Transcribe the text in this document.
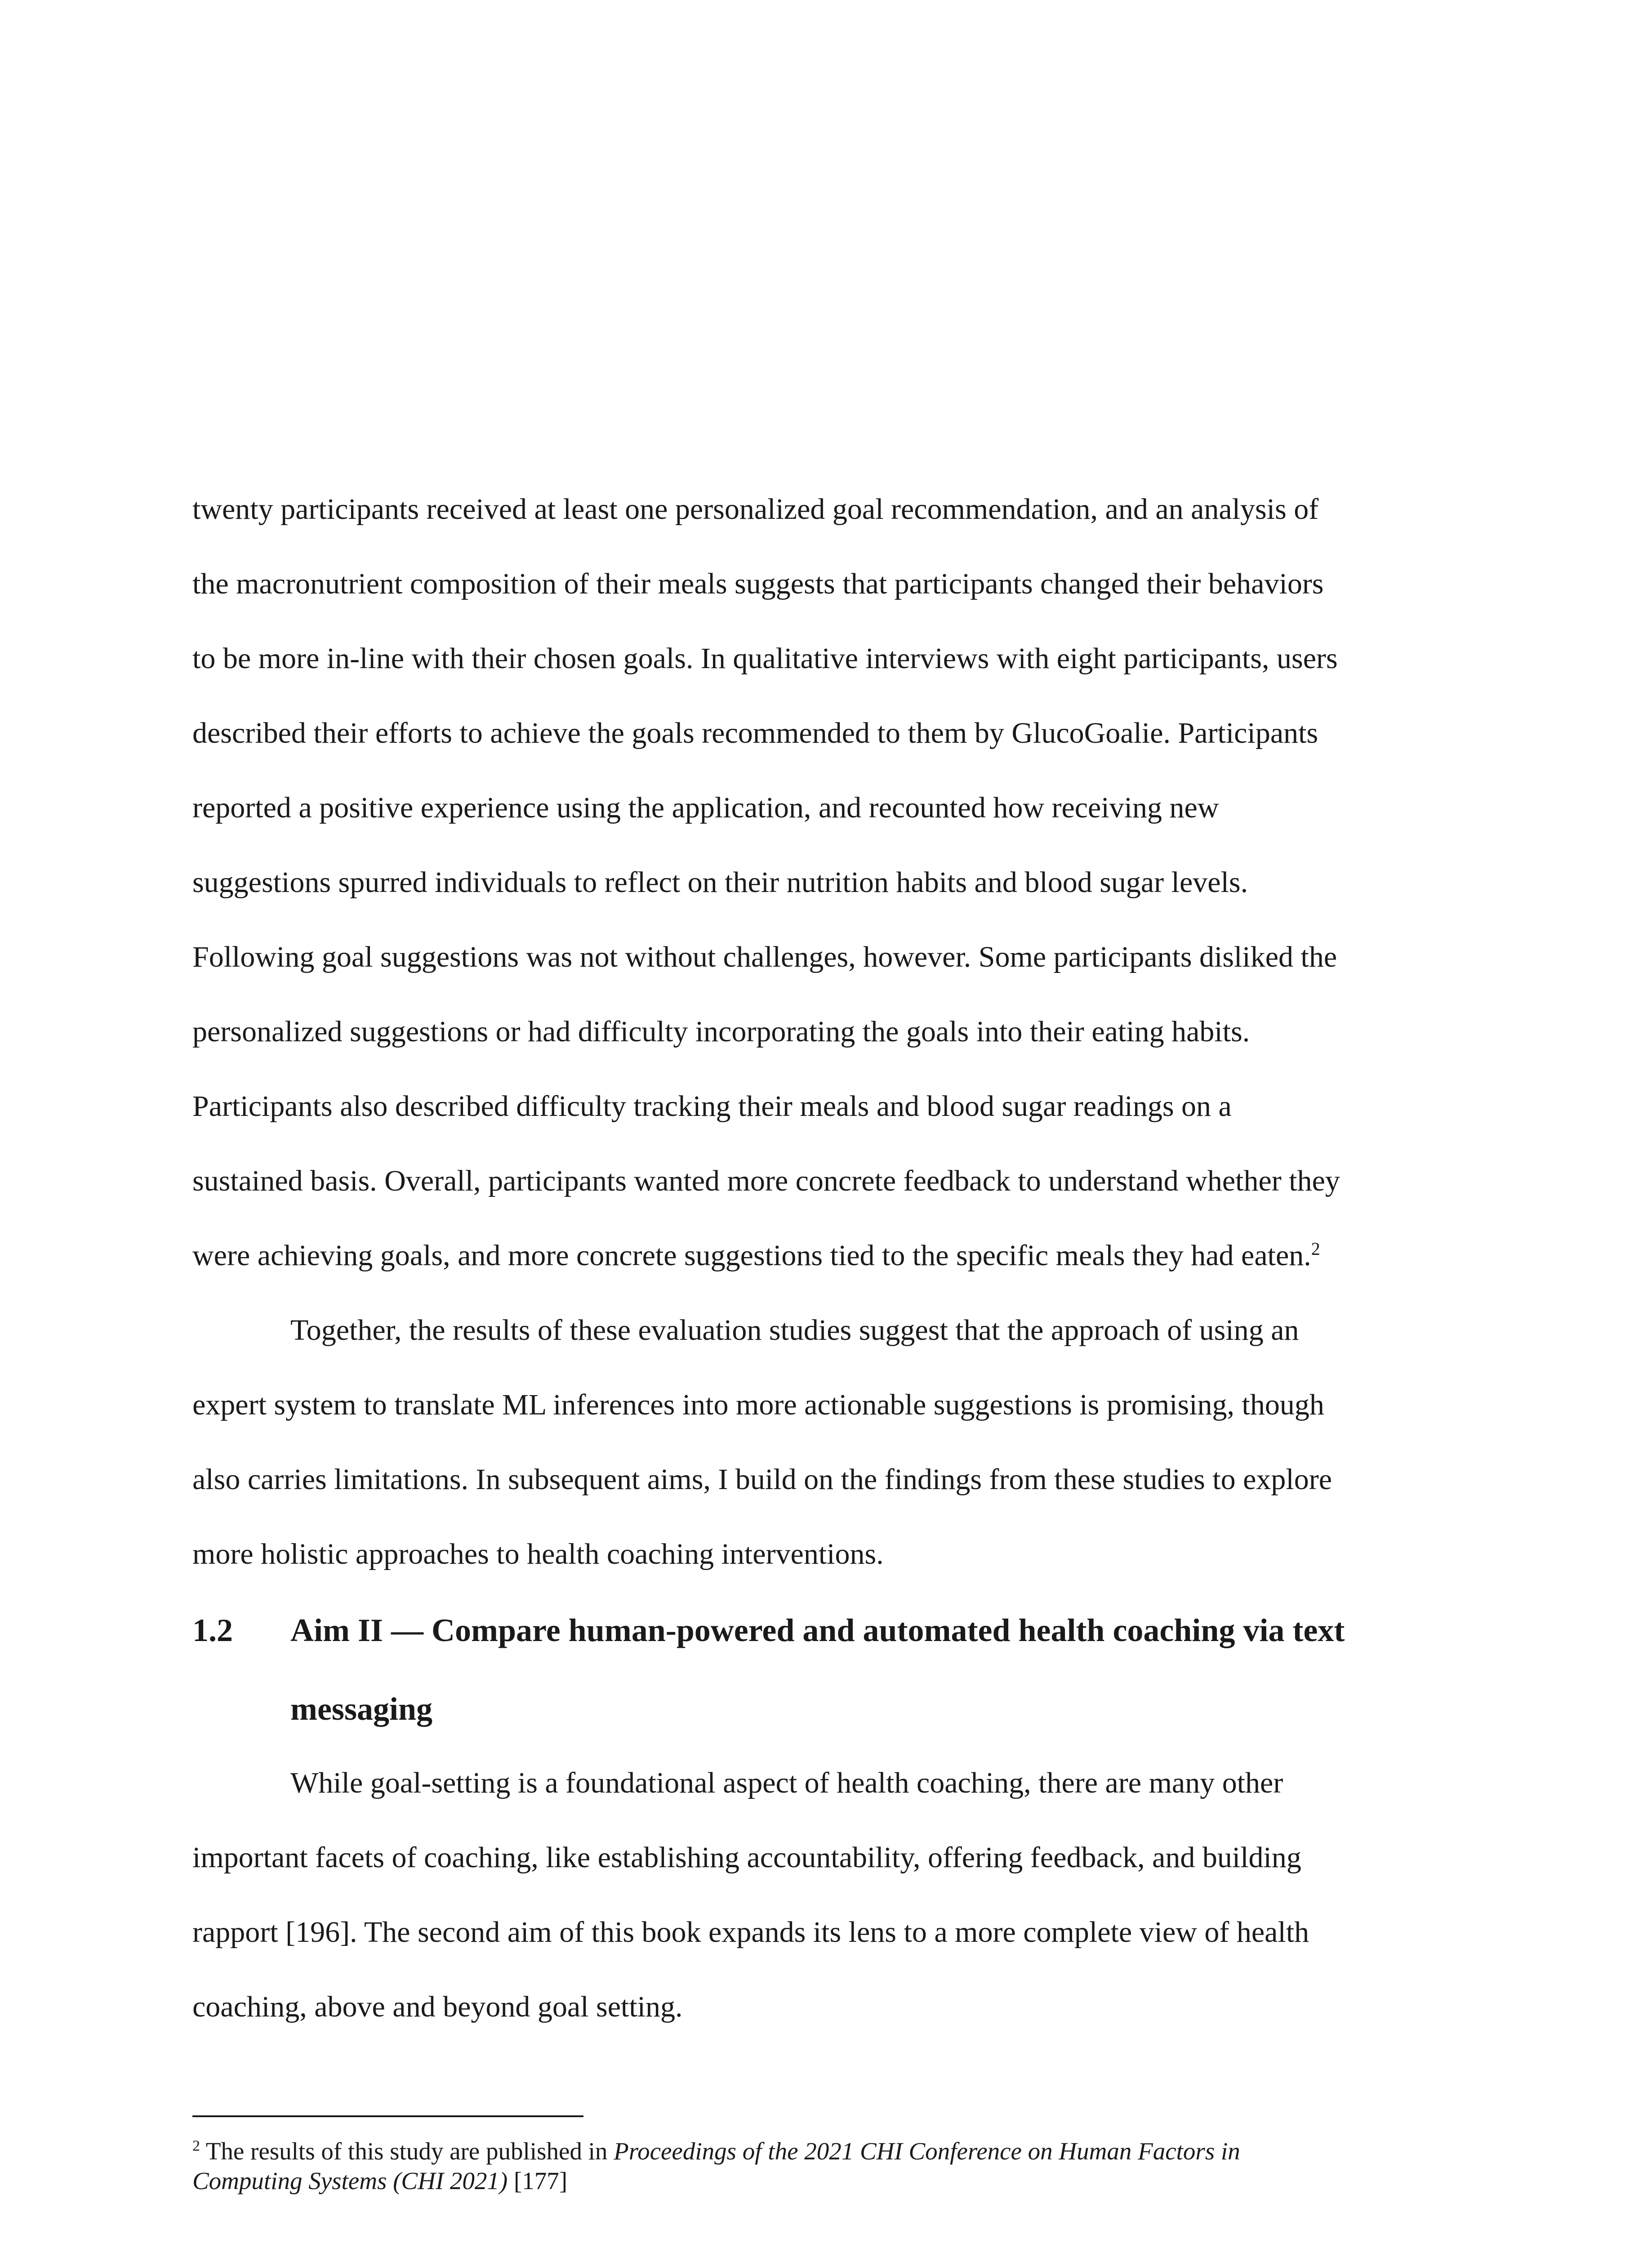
twenty participants received at least one personalized goal recommendation, and an analysis of
the macronutrient composition of their meals suggests that participants changed their behaviors
to be more in-line with their chosen goals. In qualitative interviews with eight participants, users
described their efforts to achieve the goals recommended to them by GlucoGoalie. Participants
reported a positive experience using the application, and recounted how receiving new
suggestions spurred individuals to reflect on their nutrition habits and blood sugar levels.
Following goal suggestions was not without challenges, however. Some participants disliked the
personalized suggestions or had difficulty incorporating the goals into their eating habits.
Participants also described difficulty tracking their meals and blood sugar readings on a
sustained basis. Overall, participants wanted more concrete feedback to understand whether they
were achieving goals, and more concrete suggestions tied to the specific meals they had eaten.$^2$
Together, the results of these evaluation studies suggest that the approach of using an
expert system to translate ML inferences into more actionable suggestions is promising, though
also carries limitations. In subsequent aims, I build on the findings from these studies to explore
more holistic approaches to health coaching interventions.
1.2	Aim II — Compare human-powered and automated health coaching via text
messaging
While goal-setting is a foundational aspect of health coaching, there are many other
important facets of coaching, like establishing accountability, offering feedback, and building
rapport [196]. The second aim of this book expands its lens to a more complete view of health
coaching, above and beyond goal setting.
$^2$ The results of this study are published in Proceedings of the 2021 CHI Conference on Human Factors in
Computing Systems (CHI 2021) [177]
